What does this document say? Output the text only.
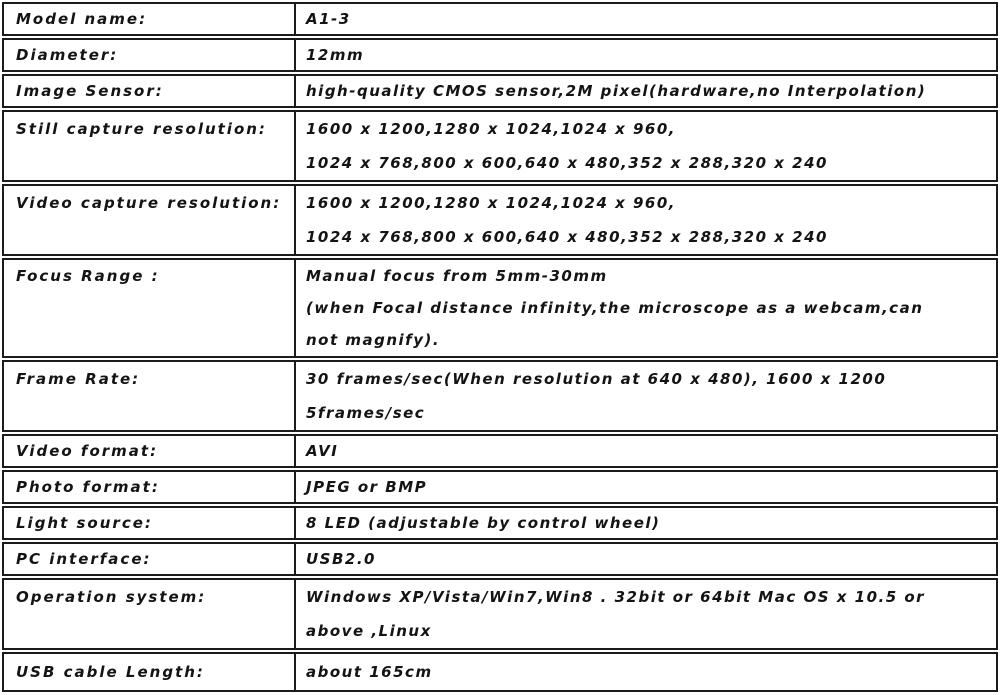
Model name:	A1-3
Diameter:	12mm
Image Sensor:	high-quality CMOS sensor,2M pixel(hardware,no Interpolation)
Still capture resolution:	1600 x 1200,1280 x 1024,1024 x 960,
1024 x 768,800 x 600,640 x 480,352 x 288,320 x 240
Video capture resolution:	1600 x 1200,1280 x 1024,1024 x 960,
1024 x 768,800 x 600,640 x 480,352 x 288,320 x 240
Focus Range :	Manual focus from 5mm-30mm
(when Focal distance infinity,the microscope as a webcam,can
not magnify).
Frame Rate:	30 frames/sec(When resolution at 640 x 480), 1600 x 1200
5frames/sec
Video format:	AVI
Photo format:	JPEG or BMP
Light source:	8 LED (adjustable by control wheel)
PC interface:	USB2.0
Operation system:	Windows XP/Vista/Win7,Win8 . 32bit or 64bit Mac OS x 10.5 or
above ,Linux
USB cable Length:	about 165cm
